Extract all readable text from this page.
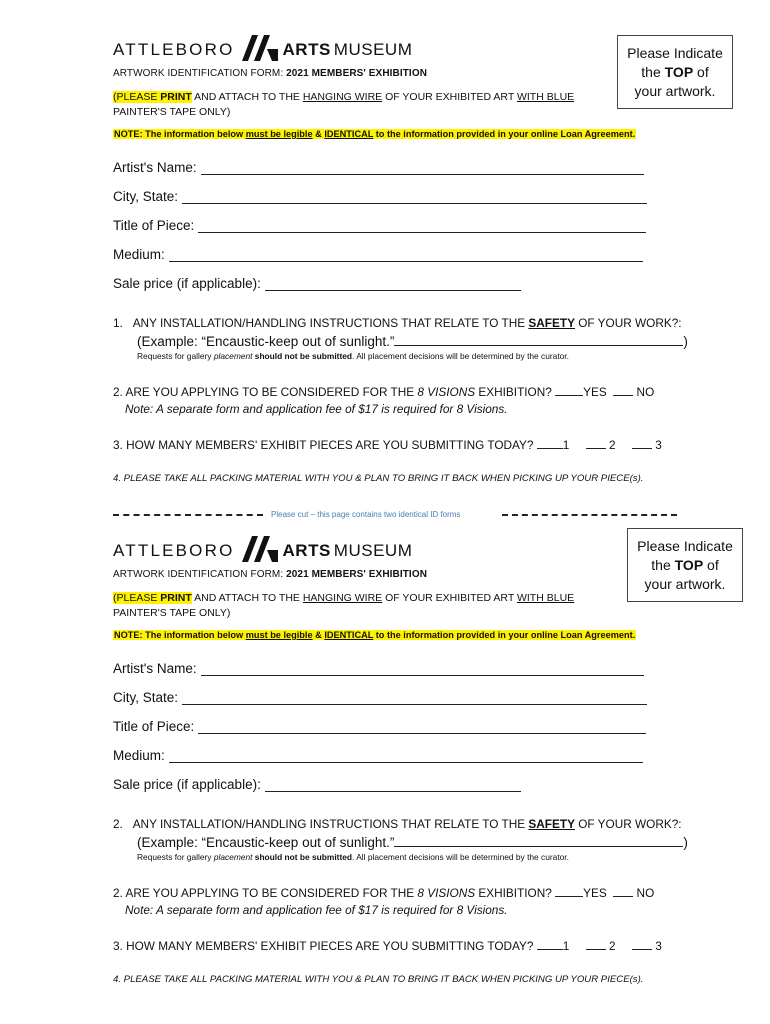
ATTLEBORO	ARTS MUSEUM	Please Indicate
the TOP of
your artwork.
ARTWORK IDENTIFICATION FORM: 2021 MEMBERS' EXHIBITION
(PLEASE PRINT AND ATTACH TO THE HANGING WIRE OF YOUR EXHIBITED ART WITH BLUE
PAINTER'S TAPE ONLY)
NOTE: The information below must be legible & IDENTICAL to the information provided in your online Loan Agreement.
Artist's Name:
City, State:
Title of Piece:
Medium:
Sale price (if applicable):
1. ANY INSTALLATION/HANDLING INSTRUCTIONS THAT RELATE TO THE SAFETY OF YOUR WORK?:
(Example: “Encaustic-keep out of sunlight.”	)
Requests for gallery placement should not be submitted. All placement decisions will be determined by the curator.
2. ARE YOU APPLYING TO BE CONSIDERED FOR THE 8 VISIONS EXHIBITION? YES	NO
Note: A separate form and application fee of $17 is required for 8 Visions.
3. HOW MANY MEMBERS' EXHIBIT PIECES ARE YOU SUBMITTING TODAY? 1	2	3
4. PLEASE TAKE ALL PACKING MATERIAL WITH YOU & PLAN TO BRING IT BACK WHEN PICKING UP YOUR PIECE(s).
Please cut – this page contains two identical ID forms
ATTLEBORO	ARTS MUSEUM	Please Indicate
the TOP of
your artwork.
ARTWORK IDENTIFICATION FORM: 2021 MEMBERS' EXHIBITION
(PLEASE PRINT AND ATTACH TO THE HANGING WIRE OF YOUR EXHIBITED ART WITH BLUE
PAINTER'S TAPE ONLY)
NOTE: The information below must be legible & IDENTICAL to the information provided in your online Loan Agreement.
Artist's Name:
City, State:
Title of Piece:
Medium:
Sale price (if applicable):
2. ANY INSTALLATION/HANDLING INSTRUCTIONS THAT RELATE TO THE SAFETY OF YOUR WORK?:
(Example: “Encaustic-keep out of sunlight.”	)
Requests for gallery placement should not be submitted. All placement decisions will be determined by the curator.
2. ARE YOU APPLYING TO BE CONSIDERED FOR THE 8 VISIONS EXHIBITION? YES	NO
Note: A separate form and application fee of $17 is required for 8 Visions.
3. HOW MANY MEMBERS' EXHIBIT PIECES ARE YOU SUBMITTING TODAY? 1	2	3
4. PLEASE TAKE ALL PACKING MATERIAL WITH YOU & PLAN TO BRING IT BACK WHEN PICKING UP YOUR PIECE(s).
